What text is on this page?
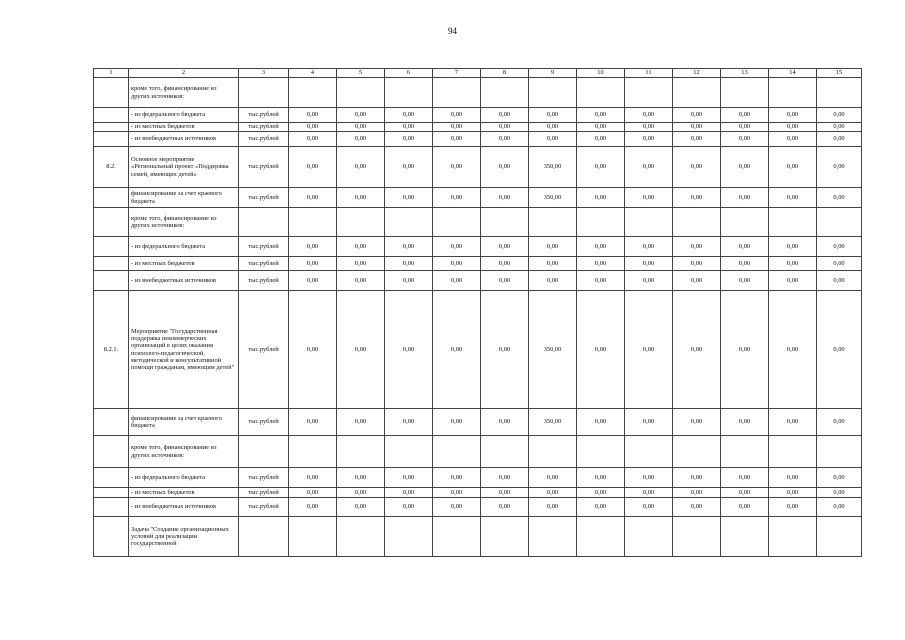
94
1	2	3	4	5	6	7	8	9	10	11	12	13	14	15
	кроме того, финансирование из других источников:													
	- из федерального бюджета	тыс.рублей	0,00	0,00	0,00	0,00	0,00	0,00	0,00	0,00	0,00	0,00	0,00	0,00
	- из местных бюджетов	тыс.рублей	0,00	0,00	0,00	0,00	0,00	0,00	0,00	0,00	0,00	0,00	0,00	0,00
	- из внебюджетных источников	тыс.рублей	0,00	0,00	0,00	0,00	0,00	0,00	0,00	0,00	0,00	0,00	0,00	0,00
8.2.	Основное мероприятие «Региональный проект «Поддержка семей, имеющих детей»	тыс.рублей	0,00	0,00	0,00	0,00	0,00	350,00	0,00	0,00	0,00	0,00	0,00	0,00
	финансирование за счет краевого бюджета	тыс.рублей	0,00	0,00	0,00	0,00	0,00	350,00	0,00	0,00	0,00	0,00	0,00	0,00
	кроме того, финансирование из других источников:													
	- из федерального бюджета	тыс.рублей	0,00	0,00	0,00	0,00	0,00	0,00	0,00	0,00	0,00	0,00	0,00	0,00
	- из местных бюджетов	тыс.рублей	0,00	0,00	0,00	0,00	0,00	0,00	0,00	0,00	0,00	0,00	0,00	0,00
	- из внебюджетных источников	тыс.рублей	0,00	0,00	0,00	0,00	0,00	0,00	0,00	0,00	0,00	0,00	0,00	0,00
8.2.1.	Мероприятие "Государственная поддержка некоммерческих организаций в целях оказания психолого-педагогической, методической и консультативной помощи гражданам, имеющим детей"	тыс.рублей	0,00	0,00	0,00	0,00	0,00	350,00	0,00	0,00	0,00	0,00	0,00	0,00
	финансирование за счет краевого бюджета	тыс.рублей	0,00	0,00	0,00	0,00	0,00	350,00	0,00	0,00	0,00	0,00	0,00	0,00
	кроме того, финансирование из других источников:													
	- из федерального бюджета	тыс.рублей	0,00	0,00	0,00	0,00	0,00	0,00	0,00	0,00	0,00	0,00	0,00	0,00
	- из местных бюджетов	тыс.рублей	0,00	0,00	0,00	0,00	0,00	0,00	0,00	0,00	0,00	0,00	0,00	0,00
	- из внебюджетных источников	тыс.рублей	0,00	0,00	0,00	0,00	0,00	0,00	0,00	0,00	0,00	0,00	0,00	0,00
	Задача "Создание организационных условий для реализации государственной													
